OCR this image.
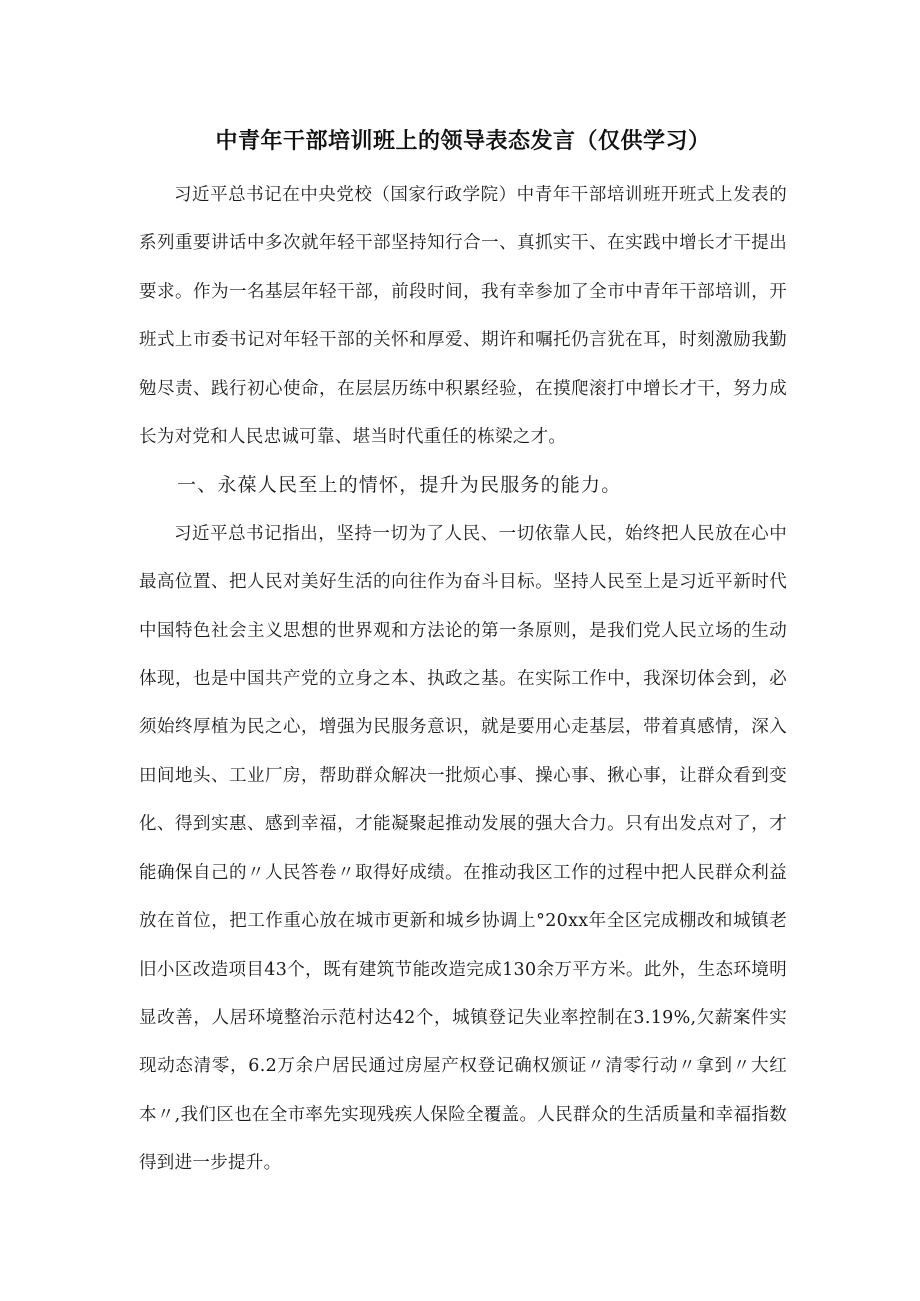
中青年干部培训班上的领导表态发言（仅供学习）

习近平总书记在中央党校（国家行政学院）中青年干部培训班开班式上发表的系列重要讲话中多次就年轻干部坚持知行合一、真抓实干、在实践中增长才干提出要求。作为一名基层年轻干部，前段时间，我有幸参加了全市中青年干部培训，开班式上市委书记对年轻干部的关怀和厚爱、期许和嘱托仍言犹在耳，时刻激励我勤勉尽责、践行初心使命，在层层历练中积累经验，在摸爬滚打中增长才干，努力成长为对党和人民忠诚可靠、堪当时代重任的栋梁之才。

一、永葆人民至上的情怀，提升为民服务的能力。

习近平总书记指出，坚持一切为了人民、一切依靠人民，始终把人民放在心中最高位置、把人民对美好生活的向往作为奋斗目标。坚持人民至上是习近平新时代中国特色社会主义思想的世界观和方法论的第一条原则，是我们党人民立场的生动体现，也是中国共产党的立身之本、执政之基。在实际工作中，我深切体会到，必须始终厚植为民之心，增强为民服务意识，就是要用心走基层，带着真感情，深入田间地头、工业厂房，帮助群众解决一批烦心事、操心事、揪心事，让群众看到变化、得到实惠、感到幸福，才能凝聚起推动发展的强大合力。只有出发点对了，才能确保自己的〃人民答卷〃取得好成绩。在推动我区工作的过程中把人民群众利益放在首位，把工作重心放在城市更新和城乡协调上°20xx年全区完成棚改和城镇老旧小区改造项目43个，既有建筑节能改造完成130余万平方米。此外，生态环境明显改善，人居环境整治示范村达42个，城镇登记失业率控制在3.19%,欠薪案件实现动态清零，6.2万余户居民通过房屋产权登记确权颁证〃清零行动〃拿到〃大红本〃,我们区也在全市率先实现残疾人保险全覆盖。人民群众的生活质量和幸福指数得到进一步提升。
